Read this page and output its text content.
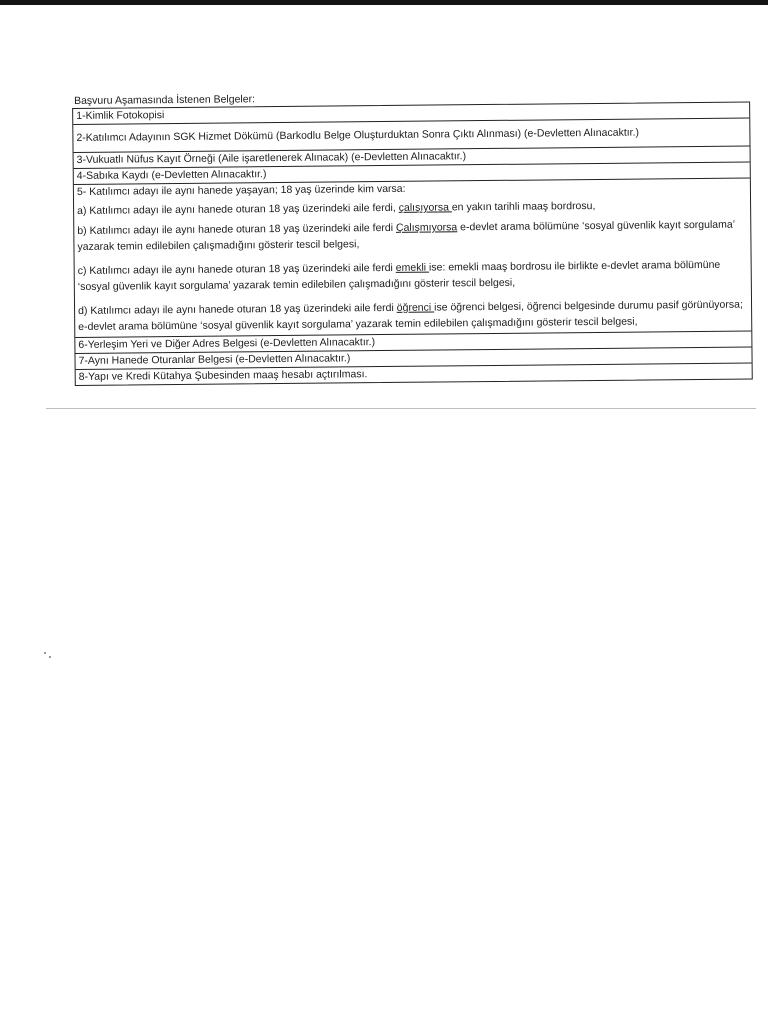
Başvuru Aşamasında İstenen Belgeler:
1-Kimlik Fotokopisi
2-Katılımcı Adayının SGK Hizmet Dökümü (Barkodlu Belge Oluşturduktan Sonra Çıktı Alınması) (e-Devletten Alınacaktır.)
3-Vukuatlı Nüfus Kayıt Örneği (Aile işaretlenerek Alınacak) (e-Devletten Alınacaktır.)
4-Sabıka Kaydı (e-Devletten Alınacaktır.)

5- Katılımcı adayı ile aynı hanede yaşayan; 18 yaş üzerinde kim varsa:

a) Katılımcı adayı ile aynı hanede oturan 18 yaş üzerindeki aile ferdi, çalışıyorsa en yakın tarihli maaş bordrosu,

b) Katılımcı adayı ile aynı hanede oturan 18 yaş üzerindeki aile ferdi Çalışmıyorsa e-devlet arama bölümüne ‘sosyal güvenlik kayıt sorgulama’ yazarak temin edilebilen çalışmadığını gösterir tescil belgesi,

c) Katılımcı adayı ile aynı hanede oturan 18 yaş üzerindeki aile ferdi emekli ise: emekli maaş bordrosu ile birlikte e-devlet arama bölümüne ‘sosyal güvenlik kayıt sorgulama’ yazarak temin edilebilen çalışmadığını gösterir tescil belgesi,

d) Katılımcı adayı ile aynı hanede oturan 18 yaş üzerindeki aile ferdi öğrenci ise öğrenci belgesi, öğrenci belgesinde durumu pasif görünüyorsa; e-devlet arama bölümüne ‘sosyal güvenlik kayıt sorgulama’ yazarak temin edilebilen çalışmadığını gösterir tescil belgesi,

6-Yerleşim Yeri ve Diğer Adres Belgesi (e-Devletten Alınacaktır.)
7-Aynı Hanede Oturanlar Belgesi (e-Devletten Alınacaktır.)
8-Yapı ve Kredi Kütahya Şubesinden maaş hesabı açtırılması.
